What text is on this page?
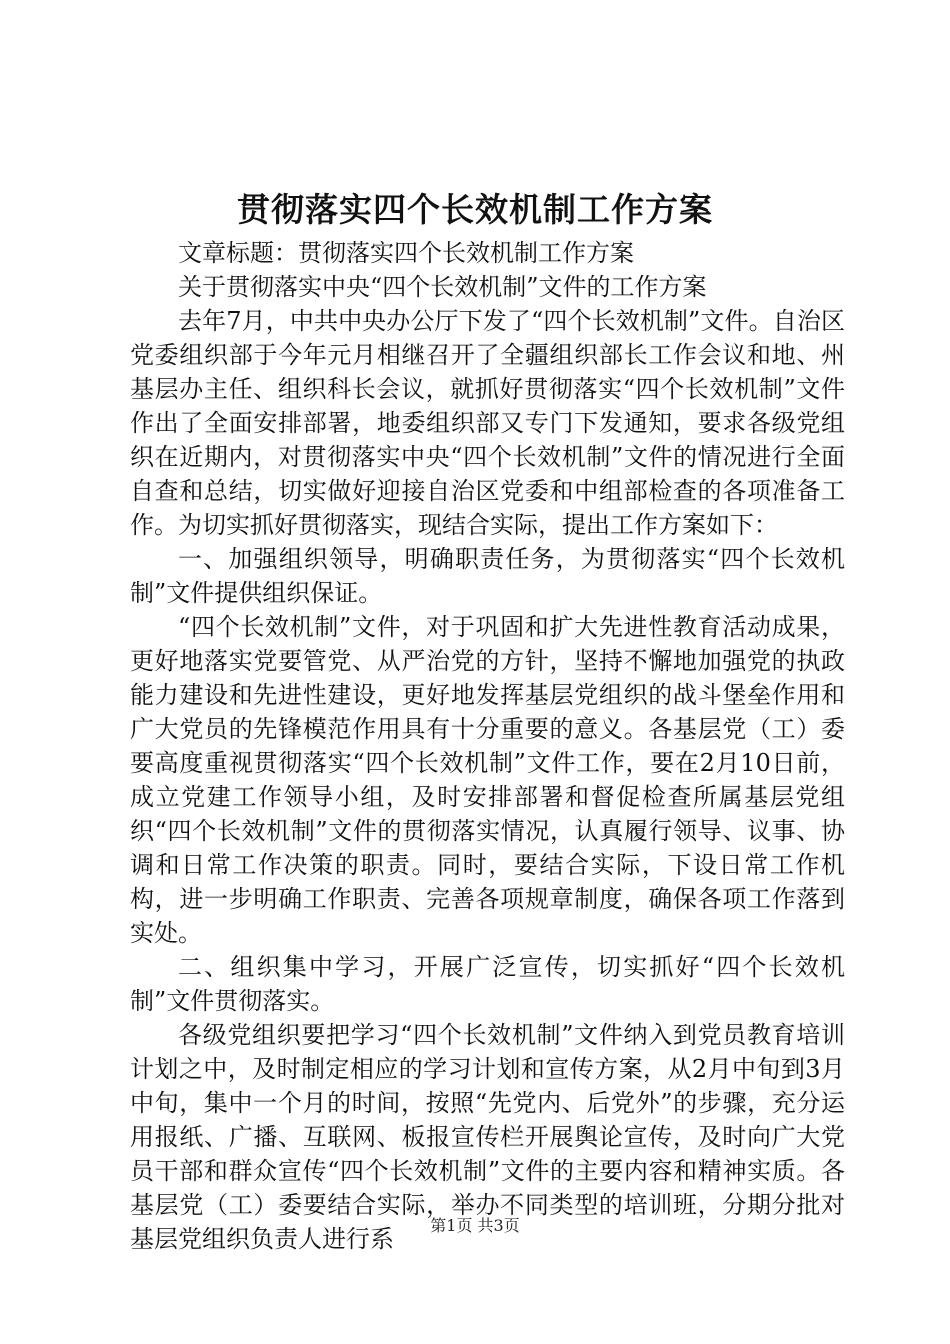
贯彻落实四个长效机制工作方案

文章标题：贯彻落实四个长效机制工作方案

关于贯彻落实中央“四个长效机制”文件的工作方案

去年7月，中共中央办公厅下发了“四个长效机制”文件。自治区党委组织部于今年元月相继召开了全疆组织部长工作会议和地、州基层办主任、组织科长会议，就抓好贯彻落实“四个长效机制”文件作出了全面安排部署，地委组织部又专门下发通知，要求各级党组织在近期内，对贯彻落实中央“四个长效机制”文件的情况进行全面自查和总结，切实做好迎接自治区党委和中组部检查的各项准备工作。为切实抓好贯彻落实，现结合实际，提出工作方案如下：

一、加强组织领导，明确职责任务，为贯彻落实“四个长效机制”文件提供组织保证。

“四个长效机制”文件，对于巩固和扩大先进性教育活动成果，更好地落实党要管党、从严治党的方针，坚持不懈地加强党的执政能力建设和先进性建设，更好地发挥基层党组织的战斗堡垒作用和广大党员的先锋模范作用具有十分重要的意义。各基层党（工）委要高度重视贯彻落实“四个长效机制”文件工作，要在2月10日前，成立党建工作领导小组，及时安排部署和督促检查所属基层党组织“四个长效机制”文件的贯彻落实情况，认真履行领导、议事、协调和日常工作决策的职责。同时，要结合实际，下设日常工作机构，进一步明确工作职责、完善各项规章制度，确保各项工作落到实处。

二、组织集中学习，开展广泛宣传，切实抓好“四个长效机制”文件贯彻落实。

各级党组织要把学习“四个长效机制”文件纳入到党员教育培训计划之中，及时制定相应的学习计划和宣传方案，从2月中旬到3月中旬，集中一个月的时间，按照“先党内、后党外”的步骤，充分运用报纸、广播、互联网、板报宣传栏开展舆论宣传，及时向广大党员干部和群众宣传“四个长效机制”文件的主要内容和精神实质。各基层党（工）委要结合实际，举办不同类型的培训班，分期分批对基层党组织负责人进行系	第1页 共3页
